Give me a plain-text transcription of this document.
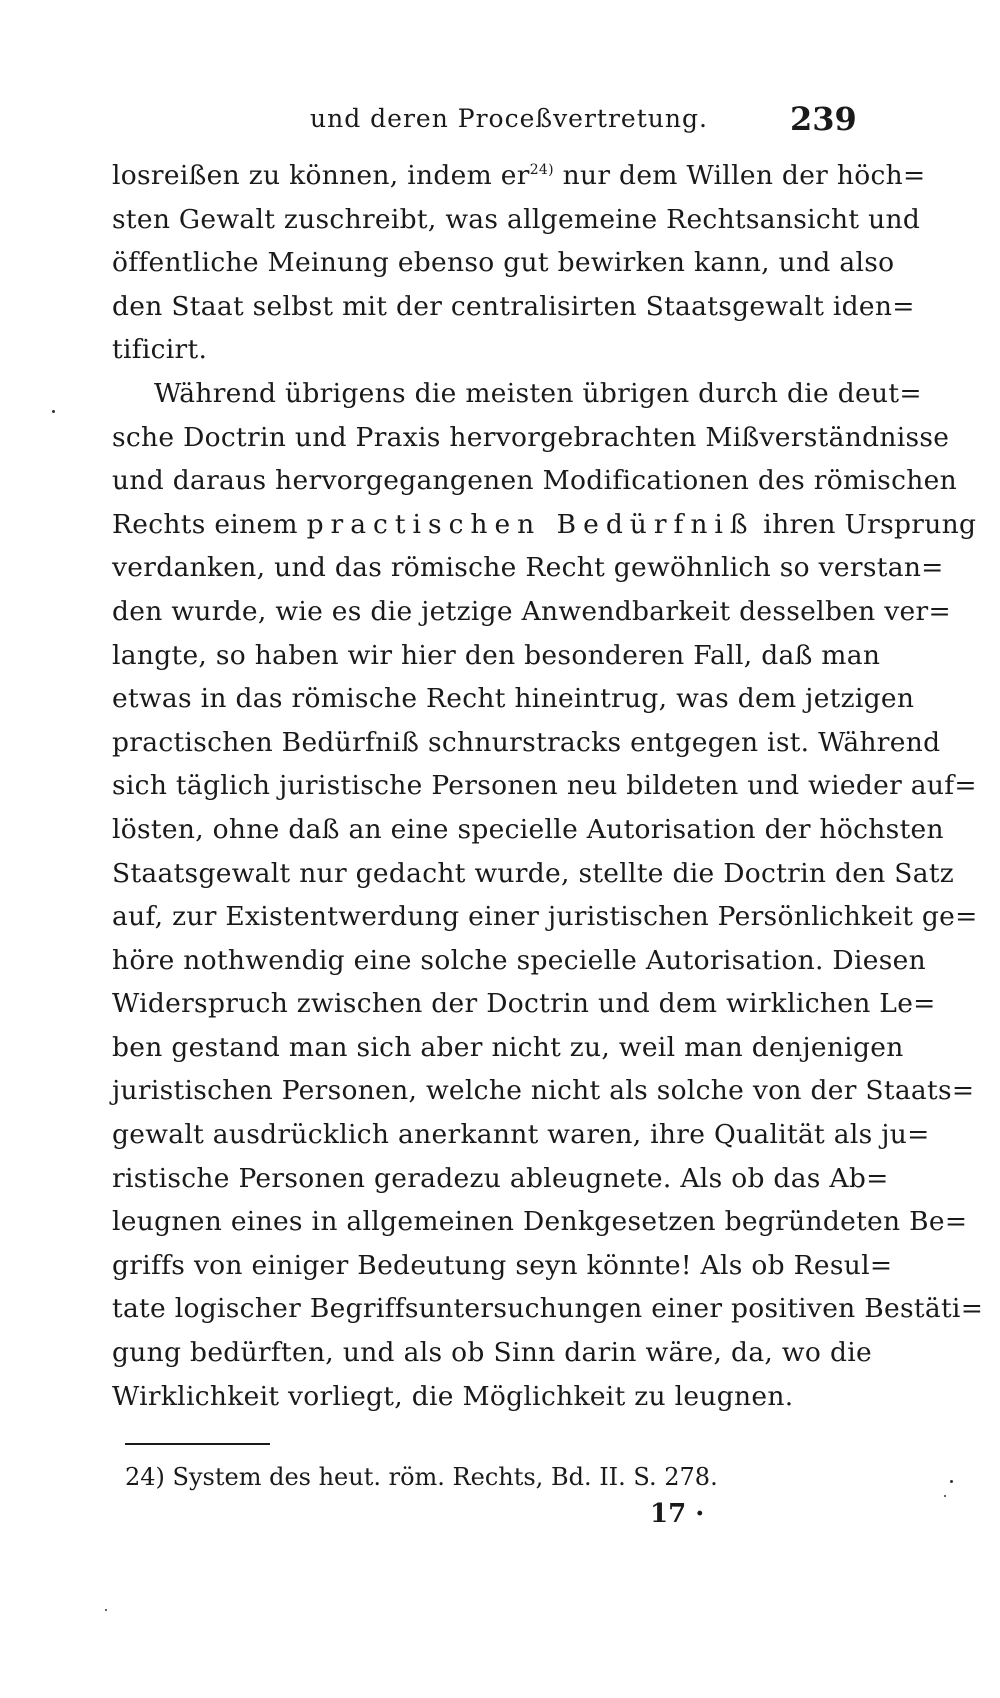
und deren Proceßvertretung.	239
losreißen zu können, indem $er^{24)}$ nur dem Willen der höch=
sten Gewalt zuschreibt, was allgemeine Rechtsansicht und
öffentliche Meinung ebenso gut bewirken kann, und also
den Staat selbst mit der centralisirten Staatsgewalt iden=
tificirt.
Während übrigens die meisten übrigen durch die deut=
sche Doctrin und Praxis hervorgebrachten Mißverständnisse
und daraus hervorgegangenen Modificationen des römischen
Rechts einem practischen Bedürfniß ihren Ursprung
verdanken, und das römische Recht gewöhnlich so verstan=
den wurde, wie es die jetzige Anwendbarkeit desselben ver=
langte, so haben wir hier den besonderen Fall, daß man
etwas in das römische Recht hineintrug, was dem jetzigen
practischen Bedürfniß schnurstracks entgegen ist. Während
sich täglich juristische Personen neu bildeten und wieder auf=
lösten, ohne daß an eine specielle Autorisation der höchsten
Staatsgewalt nur gedacht wurde, stellte die Doctrin den Satz
auf, zur Existentwerdung einer juristischen Persönlichkeit ge=
höre nothwendig eine solche specielle Autorisation. Diesen
Widerspruch zwischen der Doctrin und dem wirklichen Le=
ben gestand man sich aber nicht zu, weil man denjenigen
juristischen Personen, welche nicht als solche von der Staats=
gewalt ausdrücklich anerkannt waren, ihre Qualität als ju=
ristische Personen geradezu ableugnete. Als ob das Ab=
leugnen eines in allgemeinen Denkgesetzen begründeten Be=
griffs von einiger Bedeutung seyn könnte! Als ob Resul=
tate logischer Begriffsuntersuchungen einer positiven Bestäti=
gung bedürften, und als ob Sinn darin wäre, da, wo die
Wirklichkeit vorliegt, die Möglichkeit zu leugnen.
24) System des heut. röm. Rechts, Bd. II. S. 278.
17 ·
